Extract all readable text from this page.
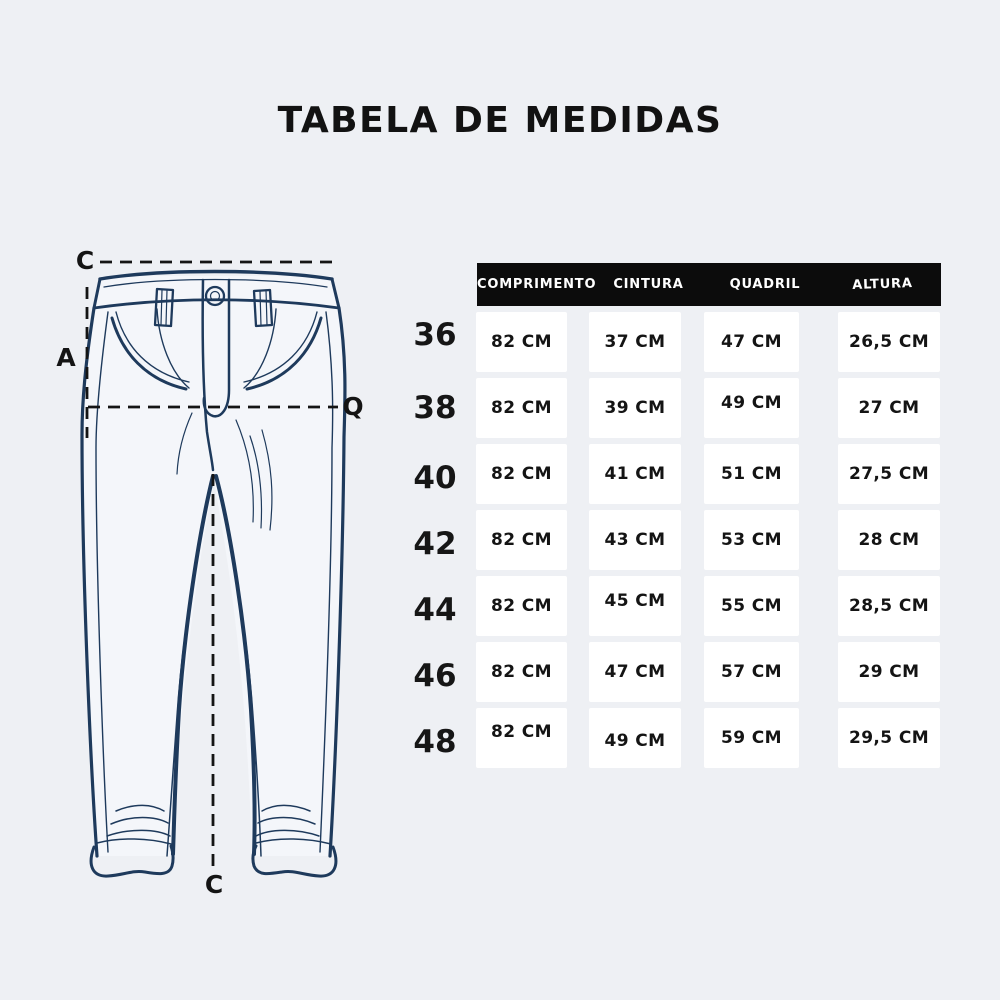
TABELA DE MEDIDAS
C
A
Q
C
COMPRIMENTO	CINTURA	QUADRIL	ALTURA
36 82 CM	37 CM	47 CM	26,5 CM
38 82 CM	39 CM	49 CM	27 CM
40 82 CM	41 CM	51 CM	27,5 CM
42 82 CM	43 CM	53 CM	28 CM
44 82 CM	45 CM	55 CM	28,5 CM
46 82 CM	47 CM	57 CM	29 CM
48 82 CM	49 CM	59 CM	29,5 CM
